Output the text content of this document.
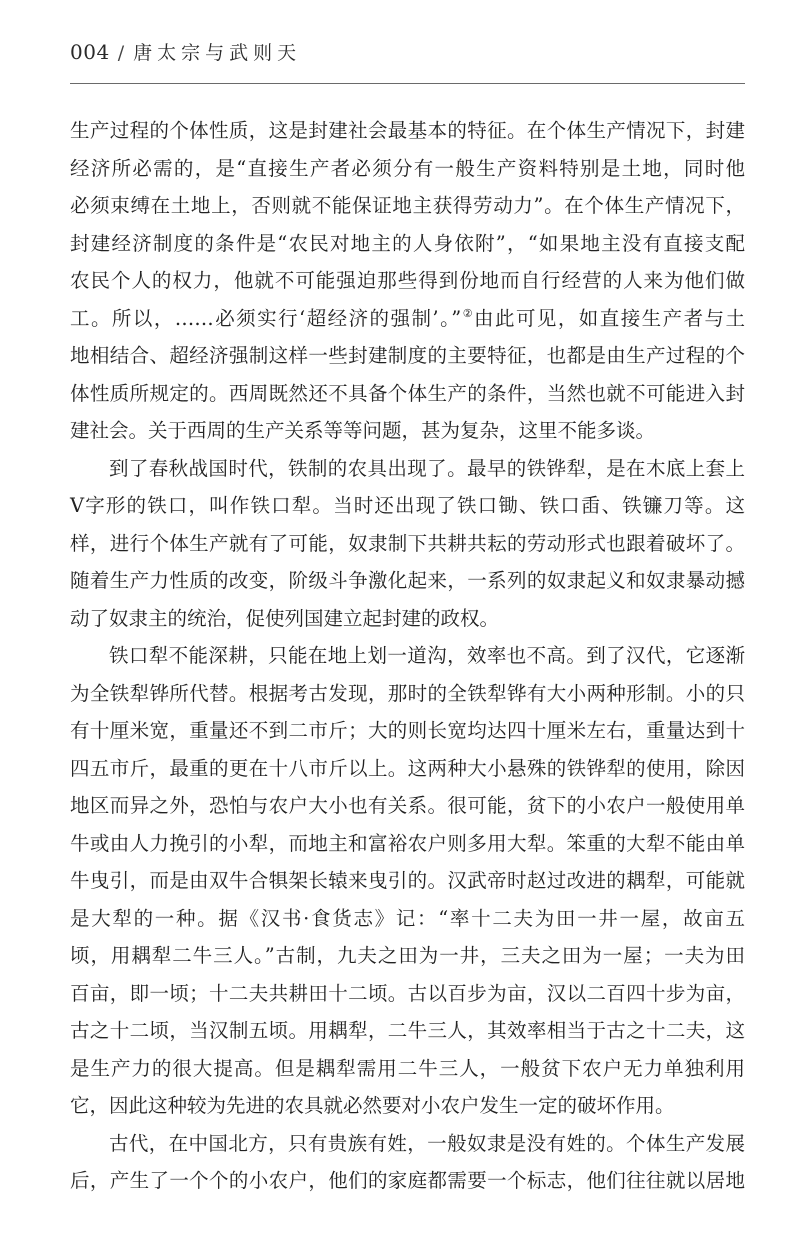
004 / 唐太宗与武则天
生产过程的个体性质，这是封建社会最基本的特征。在个体生产情况下，封建
经济所必需的，是“直接生产者必须分有一般生产资料特别是土地，同时他
必须束缚在土地上，否则就不能保证地主获得劳动力”。在个体生产情况下，
封建经济制度的条件是“农民对地主的人身依附”，“如果地主没有直接支配
农民个人的权力，他就不可能强迫那些得到份地而自行经营的人来为他们做
工。所以，……必须实行‘超经济的强制’。”②由此可见，如直接生产者与土
地相结合、超经济强制这样一些封建制度的主要特征，也都是由生产过程的个
体性质所规定的。西周既然还不具备个体生产的条件，当然也就不可能进入封
建社会。关于西周的生产关系等等问题，甚为复杂，这里不能多谈。
到了春秋战国时代，铁制的农具出现了。最早的铁铧犁，是在木底上套上
V字形的铁口，叫作铁口犁。当时还出现了铁口锄、铁口臿、铁镰刀等。这
样，进行个体生产就有了可能，奴隶制下共耕共耘的劳动形式也跟着破坏了。
随着生产力性质的改变，阶级斗争激化起来，一系列的奴隶起义和奴隶暴动撼
动了奴隶主的统治，促使列国建立起封建的政权。
铁口犁不能深耕，只能在地上划一道沟，效率也不高。到了汉代，它逐渐
为全铁犁铧所代替。根据考古发现，那时的全铁犁铧有大小两种形制。小的只
有十厘米宽，重量还不到二市斤；大的则长宽均达四十厘米左右，重量达到十
四五市斤，最重的更在十八市斤以上。这两种大小悬殊的铁铧犁的使用，除因
地区而异之外，恐怕与农户大小也有关系。很可能，贫下的小农户一般使用单
牛或由人力挽引的小犁，而地主和富裕农户则多用大犁。笨重的大犁不能由单
牛曳引，而是由双牛合犋架长辕来曳引的。汉武帝时赵过改进的耦犁，可能就
是大犁的一种。据《汉书·食货志》记：“率十二夫为田一井一屋，故亩五
顷，用耦犁二牛三人。”古制，九夫之田为一井，三夫之田为一屋；一夫为田
百亩，即一顷；十二夫共耕田十二顷。古以百步为亩，汉以二百四十步为亩，
古之十二顷，当汉制五顷。用耦犁，二牛三人，其效率相当于古之十二夫，这
是生产力的很大提高。但是耦犁需用二牛三人，一般贫下农户无力单独利用
它，因此这种较为先进的农具就必然要对小农户发生一定的破坏作用。
古代，在中国北方，只有贵族有姓，一般奴隶是没有姓的。个体生产发展
后，产生了一个个的小农户，他们的家庭都需要一个标志，他们往往就以居地
